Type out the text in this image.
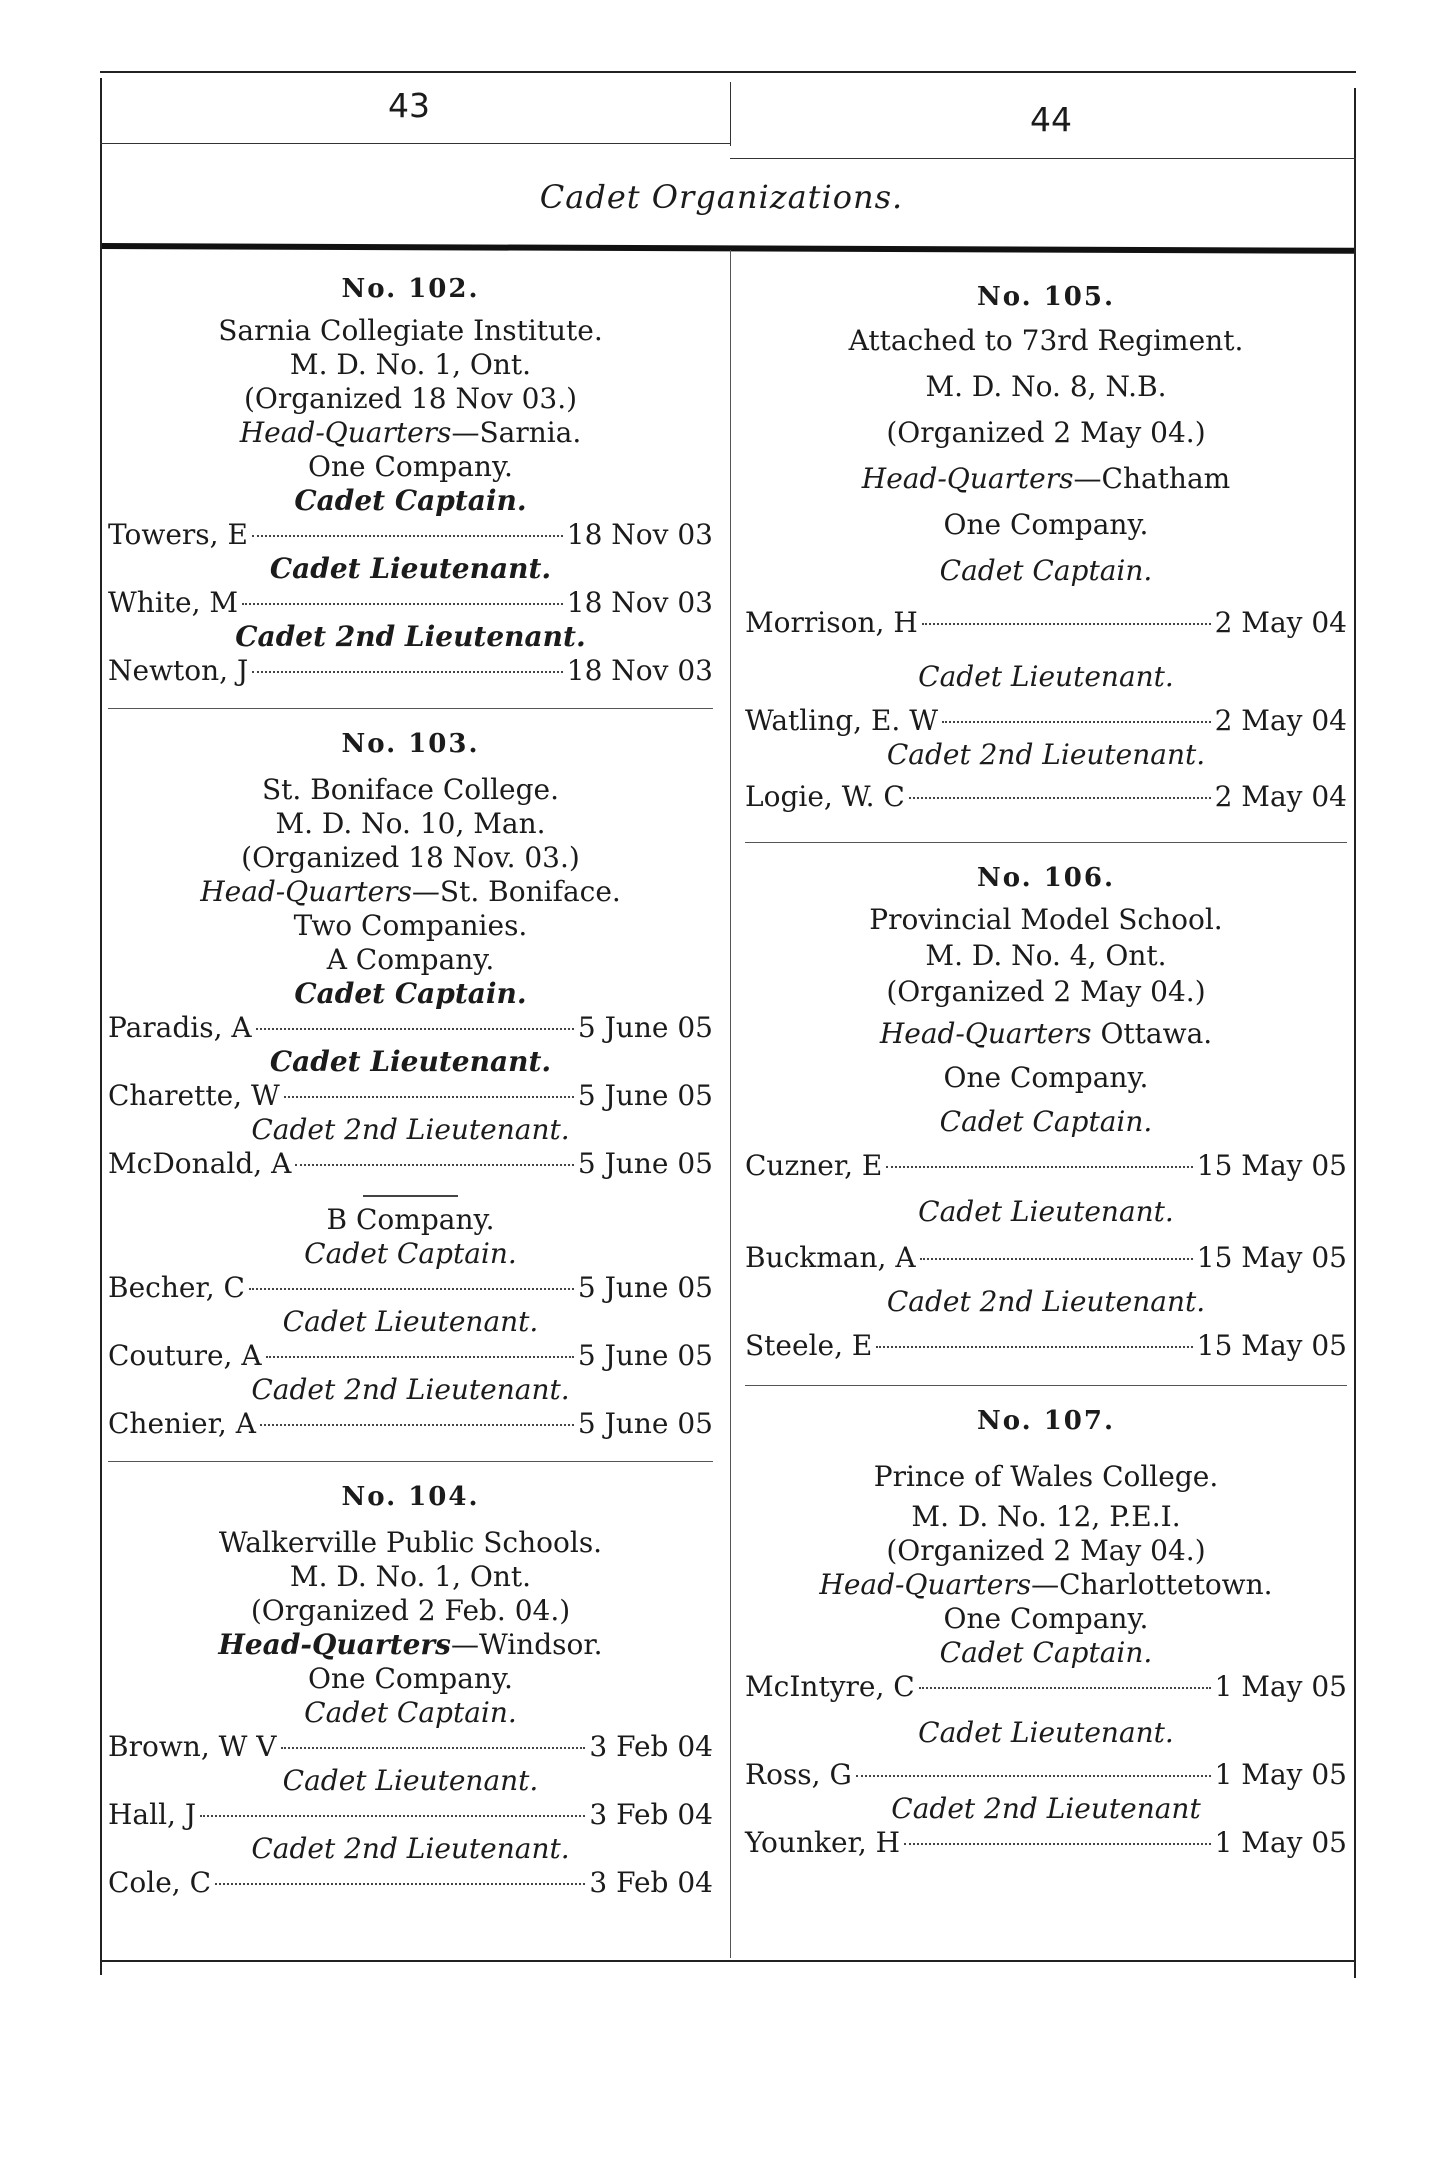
43	44
Cadet Organizations.
No. 102.
Sarnia Collegiate Institute.
M. D. No. 1, Ont.
(Organized 18 Nov 03.)
Head-Quarters—Sarnia.
One Company.
Cadet Captain.
Towers, E	18 Nov 03
Cadet Lieutenant.
White, M	18 Nov 03
Cadet 2nd Lieutenant.
Newton, J	18 Nov 03
No. 103.
St. Boniface College.
M. D. No. 10, Man.
(Organized 18 Nov. 03.)
Head-Quarters—St. Boniface.
Two Companies.
A Company.
Cadet Captain.
Paradis, A	5 June 05
Cadet Lieutenant.
Charette, W	5 June 05
Cadet 2nd Lieutenant.
McDonald, A	5 June 05
B Company.
Cadet Captain.
Becher, C	5 June 05
Cadet Lieutenant.
Couture, A	5 June 05
Cadet 2nd Lieutenant.
Chenier, A	5 June 05
No. 104.
Walkerville Public Schools.
M. D. No. 1, Ont.
(Organized 2 Feb. 04.)
Head-Quarters—Windsor.
One Company.
Cadet Captain.
Brown, W V	3 Feb 04
Cadet Lieutenant.
Hall, J	3 Feb 04
Cadet 2nd Lieutenant.
Cole, C	3 Feb 04
No. 105.
Attached to 73rd Regiment.
M. D. No. 8, N.B.
(Organized 2 May 04.)
Head-Quarters—Chatham
One Company.
Cadet Captain.
Morrison, H	2 May 04
Cadet Lieutenant.
Watling, E. W	2 May 04
Cadet 2nd Lieutenant.
Logie, W. C	2 May 04
No. 106.
Provincial Model School.
M. D. No. 4, Ont.
(Organized 2 May 04.)
Head-Quarters Ottawa.
One Company.
Cadet Captain.
Cuzner, E	15 May 05
Cadet Lieutenant.
Buckman, A	15 May 05
Cadet 2nd Lieutenant.
Steele, E	15 May 05
No. 107.
Prince of Wales College.
M. D. No. 12, P.E.I.
(Organized 2 May 04.)
Head-Quarters—Charlottetown.
One Company.
Cadet Captain.
McIntyre, C	1 May 05
Cadet Lieutenant.
Ross, G	1 May 05
Cadet 2nd Lieutenant
Younker, H	1 May 05
